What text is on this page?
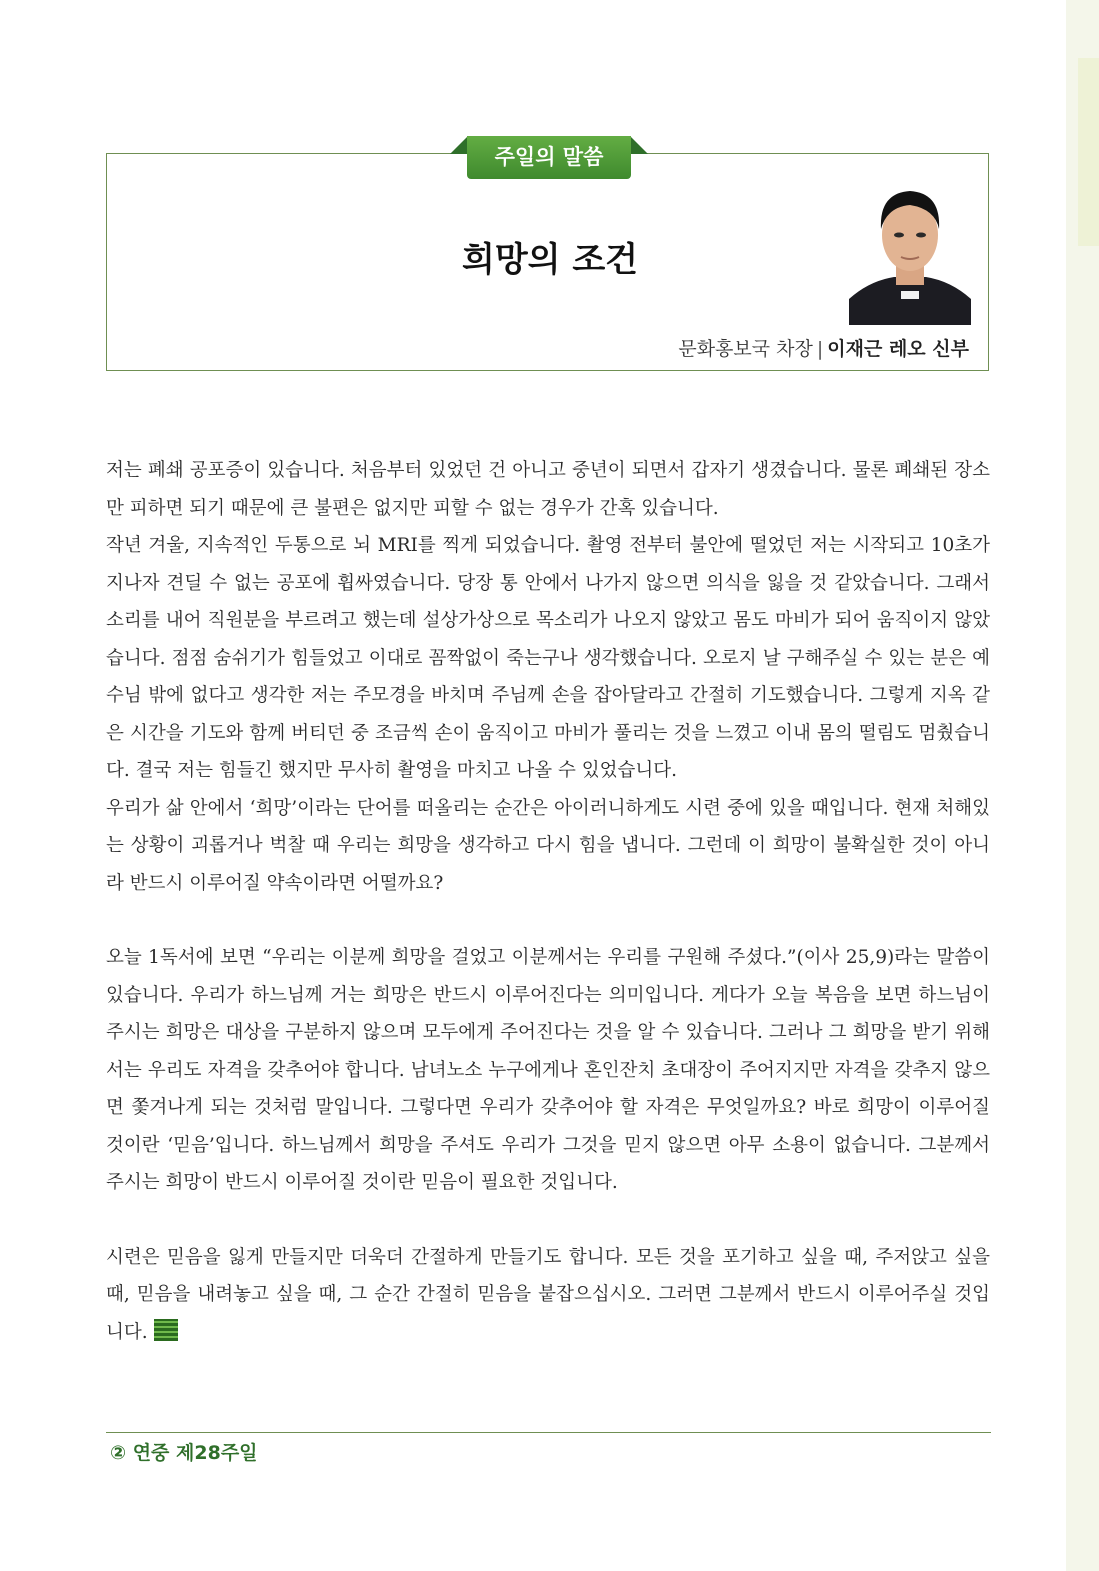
주일의 말씀
희망의 조건
문화홍보국 차장 | 이재근 레오 신부

저는 폐쇄 공포증이 있습니다. 처음부터 있었던 건 아니고 중년이 되면서 갑자기 생겼습니다. 물론 폐쇄된 장소만 피하면 되기 때문에 큰 불편은 없지만 피할 수 없는 경우가 간혹 있습니다.

작년 겨울, 지속적인 두통으로 뇌 MRI를 찍게 되었습니다. 촬영 전부터 불안에 떨었던 저는 시작되고 10초가 지나자 견딜 수 없는 공포에 휩싸였습니다. 당장 통 안에서 나가지 않으면 의식을 잃을 것 같았습니다. 그래서 소리를 내어 직원분을 부르려고 했는데 설상가상으로 목소리가 나오지 않았고 몸도 마비가 되어 움직이지 않았습니다. 점점 숨쉬기가 힘들었고 이대로 꼼짝없이 죽는구나 생각했습니다. 오로지 날 구해주실 수 있는 분은 예수님 밖에 없다고 생각한 저는 주모경을 바치며 주님께 손을 잡아달라고 간절히 기도했습니다. 그렇게 지옥 같은 시간을 기도와 함께 버티던 중 조금씩 손이 움직이고 마비가 풀리는 것을 느꼈고 이내 몸의 떨림도 멈췄습니다. 결국 저는 힘들긴 했지만 무사히 촬영을 마치고 나올 수 있었습니다.

우리가 삶 안에서 ‘희망’이라는 단어를 떠올리는 순간은 아이러니하게도 시련 중에 있을 때입니다. 현재 처해있는 상황이 괴롭거나 벅찰 때 우리는 희망을 생각하고 다시 힘을 냅니다. 그런데 이 희망이 불확실한 것이 아니라 반드시 이루어질 약속이라면 어떨까요?

오늘 1독서에 보면 “우리는 이분께 희망을 걸었고 이분께서는 우리를 구원해 주셨다.”(이사 25,9)라는 말씀이 있습니다. 우리가 하느님께 거는 희망은 반드시 이루어진다는 의미입니다. 게다가 오늘 복음을 보면 하느님이 주시는 희망은 대상을 구분하지 않으며 모두에게 주어진다는 것을 알 수 있습니다. 그러나 그 희망을 받기 위해서는 우리도 자격을 갖추어야 합니다. 남녀노소 누구에게나 혼인잔치 초대장이 주어지지만 자격을 갖추지 않으면 쫓겨나게 되는 것처럼 말입니다. 그렇다면 우리가 갖추어야 할 자격은 무엇일까요? 바로 희망이 이루어질 것이란 ‘믿음’입니다. 하느님께서 희망을 주셔도 우리가 그것을 믿지 않으면 아무 소용이 없습니다. 그분께서 주시는 희망이 반드시 이루어질 것이란 믿음이 필요한 것입니다.

시련은 믿음을 잃게 만들지만 더욱더 간절하게 만들기도 합니다. 모든 것을 포기하고 싶을 때, 주저앉고 싶을 때, 믿음을 내려놓고 싶을 때, 그 순간 간절히 믿음을 붙잡으십시오. 그러면 그분께서 반드시 이루어주실 것입니다.

② 연중 제28주일
